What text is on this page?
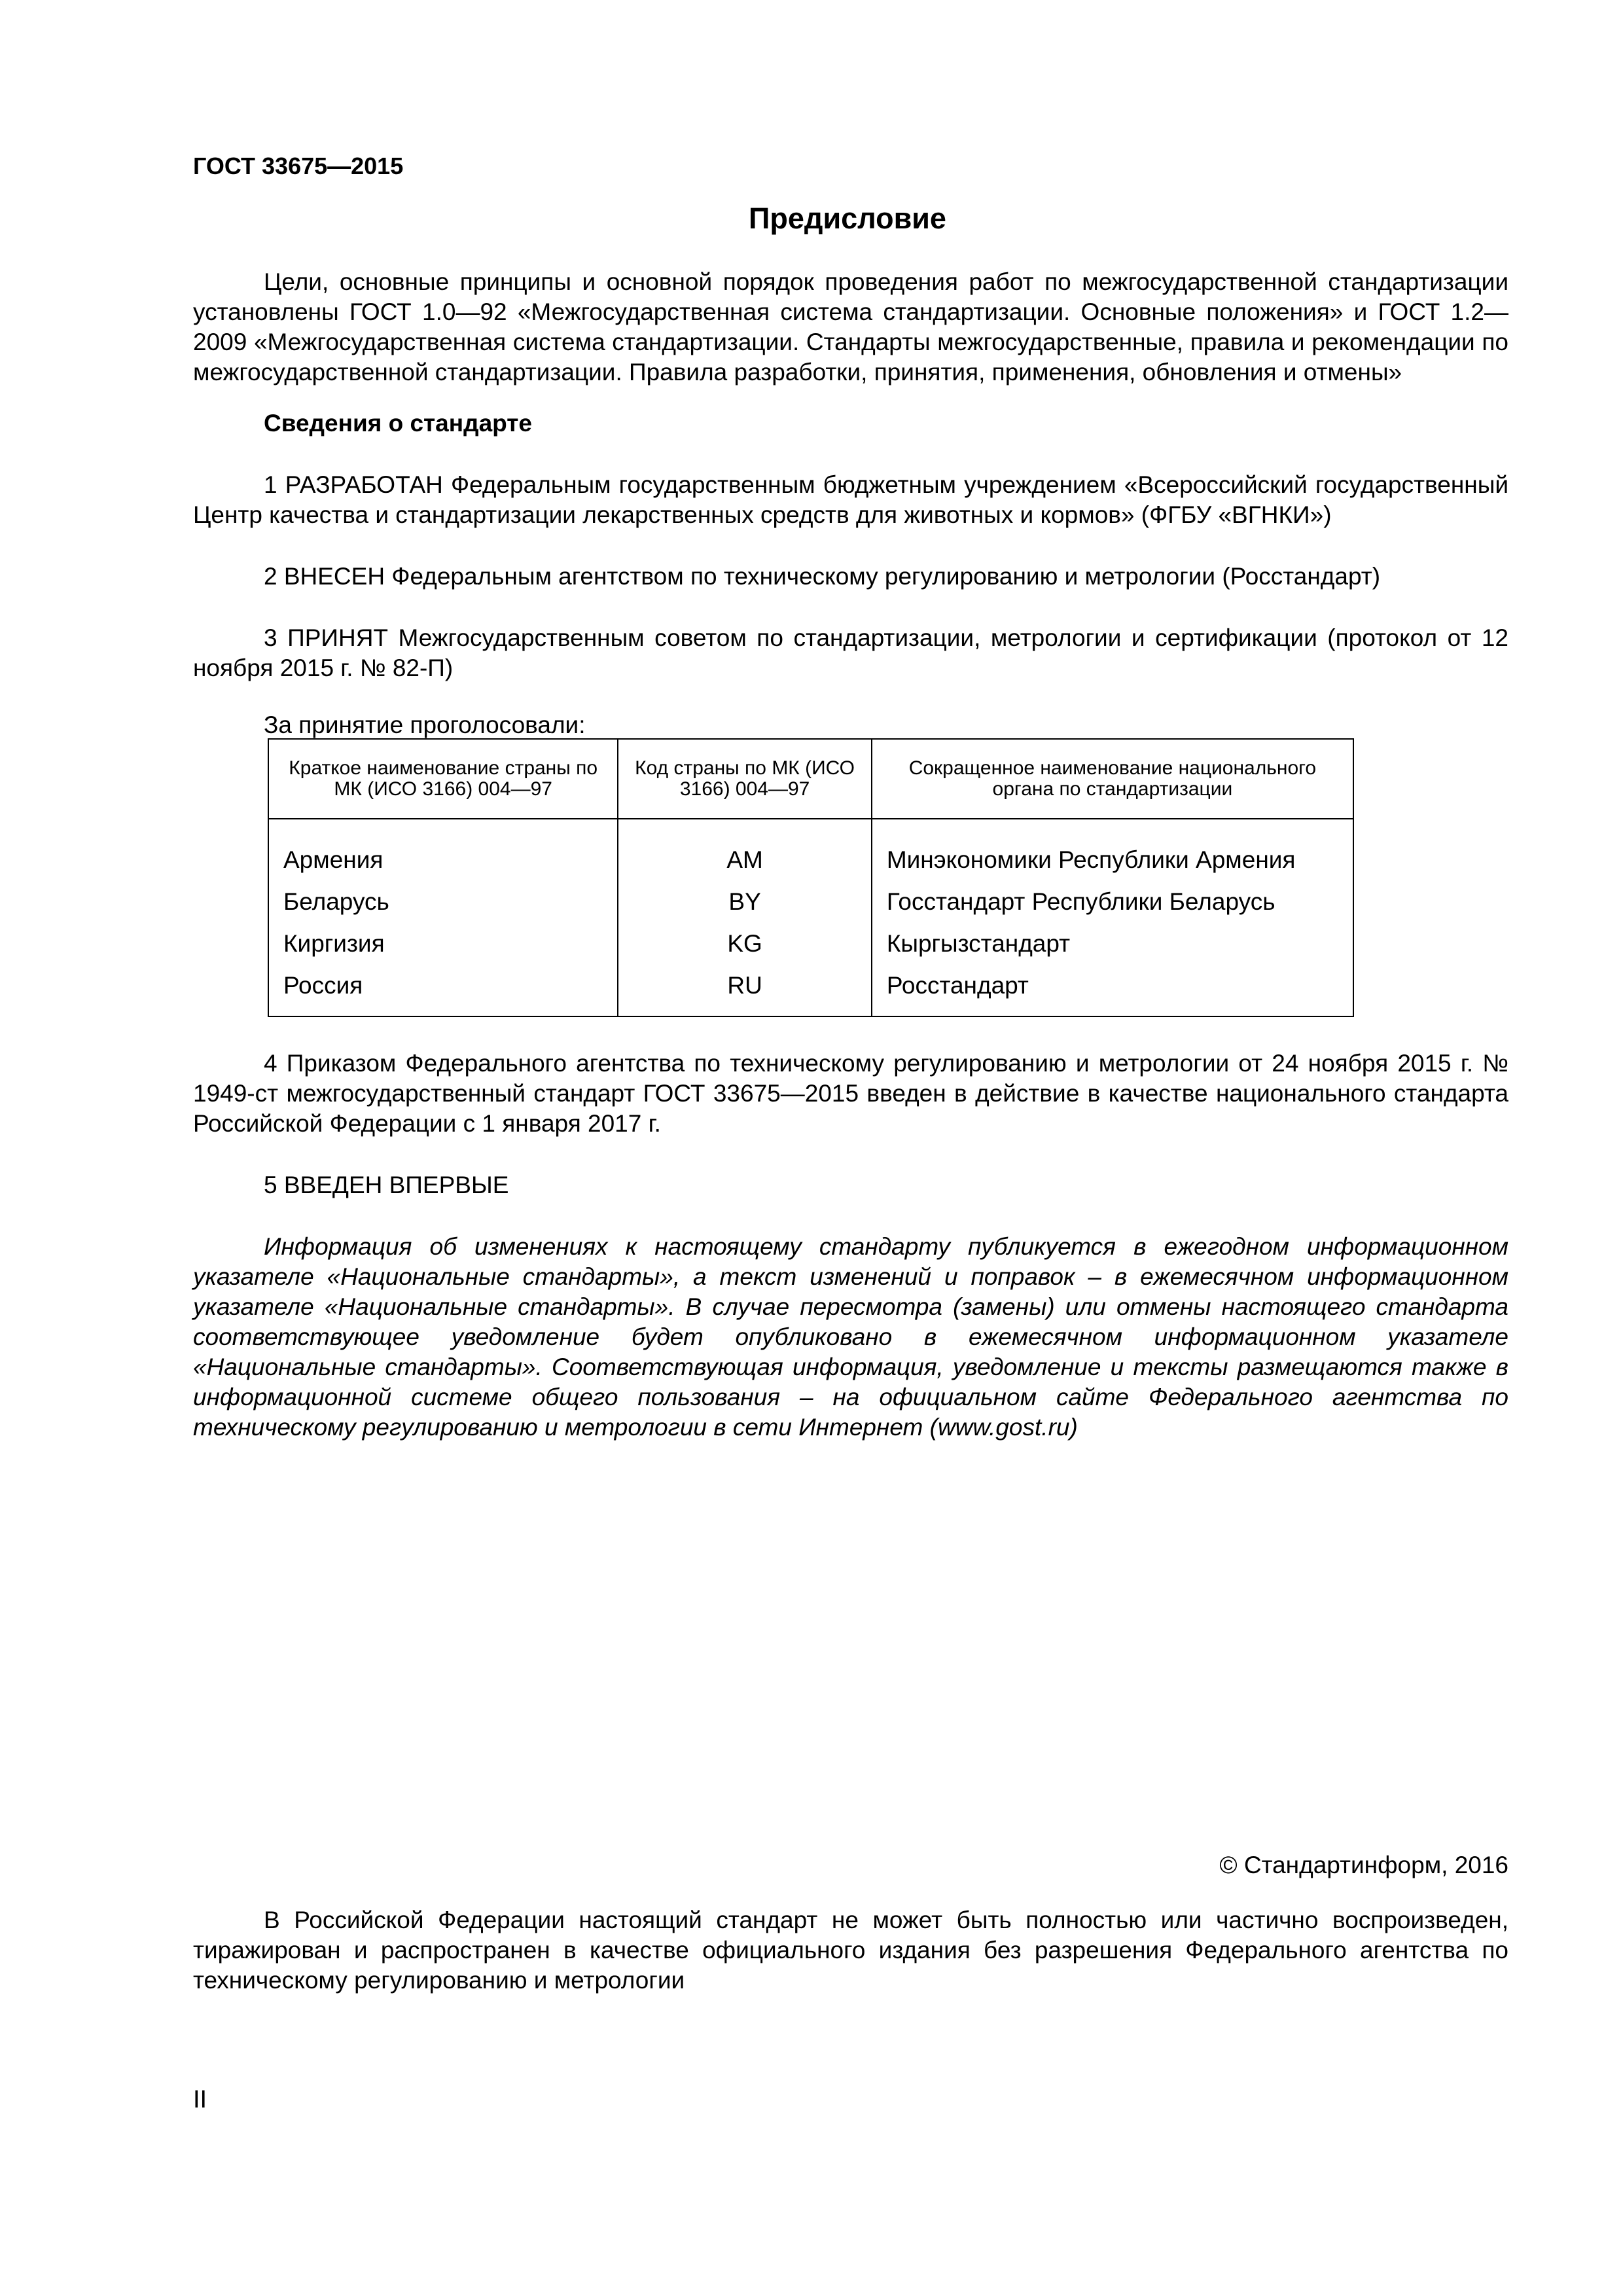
ГОСТ 33675—2015
Предисловие

Цели, основные принципы и основной порядок проведения работ по межгосударственной стандартизации установлены ГОСТ 1.0—92 «Межгосударственная система стандартизации. Основные положения» и ГОСТ 1.2—2009 «Межгосударственная система стандартизации. Стандарты межгосударственные, правила и рекомендации по межгосударственной стандартизации. Правила разработки, принятия, применения, обновления и отмены»

Сведения о стандарте

1 РАЗРАБОТАН Федеральным государственным бюджетным учреждением «Всероссийский государственный Центр качества и стандартизации лекарственных средств для животных и кормов» (ФГБУ «ВГНКИ»)

2 ВНЕСЕН Федеральным агентством по техническому регулированию и метрологии (Росстандарт)

3 ПРИНЯТ Межгосударственным советом по стандартизации, метрологии и сертификации (протокол от 12 ноября 2015 г. № 82-П)

За принятие проголосовали:
Краткое наименование страны по МК (ИСО 3166) 004—97	Код страны по МК (ИСО 3166) 004—97	Сокращенное наименование национального органа по стандартизации
Армения	AM	Минэкономики Республики Армения
Беларусь	BY	Госстандарт Республики Беларусь
Киргизия	KG	Кыргызстандарт
Россия	RU	Росстандарт

4 Приказом Федерального агентства по техническому регулированию и метрологии от 24 ноября 2015 г. № 1949-ст межгосударственный стандарт ГОСТ 33675—2015 введен в действие в качестве национального стандарта Российской Федерации с 1 января 2017 г.

5 ВВЕДЕН ВПЕРВЫЕ

Информация об изменениях к настоящему стандарту публикуется в ежегодном информационном указателе «Национальные стандарты», а текст изменений и поправок – в ежемесячном информационном указателе «Национальные стандарты». В случае пересмотра (замены) или отмены настоящего стандарта соответствующее уведомление будет опубликовано в ежемесячном информационном указателе «Национальные стандарты». Соответствующая информация, уведомление и тексты размещаются также в информационной системе общего пользования – на официальном сайте Федерального агентства по техническому регулированию и метрологии в сети Интернет (www.gost.ru)

© Стандартинформ, 2016

В Российской Федерации настоящий стандарт не может быть полностью или частично воспроизведен, тиражирован и распространен в качестве официального издания без разрешения Федерального агентства по техническому регулированию и метрологии

II
